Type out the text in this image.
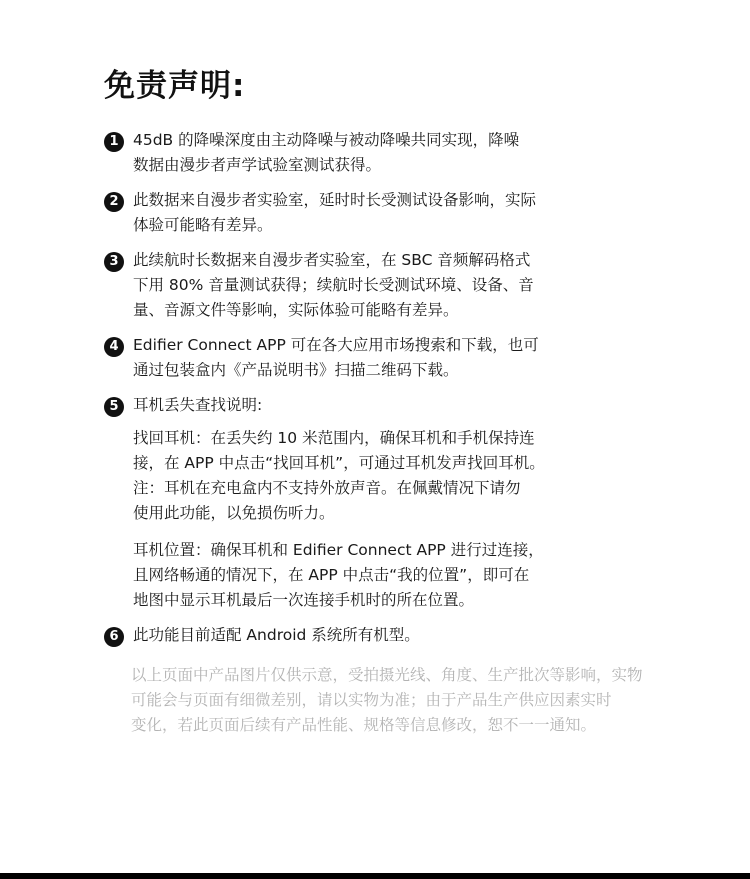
免责声明:
1 45dB 的降噪深度由主动降噪与被动降噪共同实现，降噪
数据由漫步者声学试验室测试获得。
2 此数据来自漫步者实验室，延时时长受测试设备影响，实际
体验可能略有差异。
3 此续航时长数据来自漫步者实验室，在 SBC 音频解码格式
下用 80% 音量测试获得；续航时长受测试环境、设备、音
量、音源文件等影响，实际体验可能略有差异。
4 Edifier Connect APP 可在各大应用市场搜索和下载，也可
通过包装盒内《产品说明书》扫描二维码下载。
5 耳机丢失查找说明:
找回耳机：在丢失约 10 米范围内，确保耳机和手机保持连
接，在 APP 中点击“找回耳机”，可通过耳机发声找回耳机。
注：耳机在充电盒内不支持外放声音。在佩戴情况下请勿
使用此功能，以免损伤听力。
耳机位置：确保耳机和 Edifier Connect APP 进行过连接，
且网络畅通的情况下，在 APP 中点击“我的位置”，即可在
地图中显示耳机最后一次连接手机时的所在位置。
6 此功能目前适配 Android 系统所有机型。
以上页面中产品图片仅供示意，受拍摄光线、角度、生产批次等影响，实物
可能会与页面有细微差别，请以实物为准；由于产品生产供应因素实时
变化，若此页面后续有产品性能、规格等信息修改，恕不一一通知。
